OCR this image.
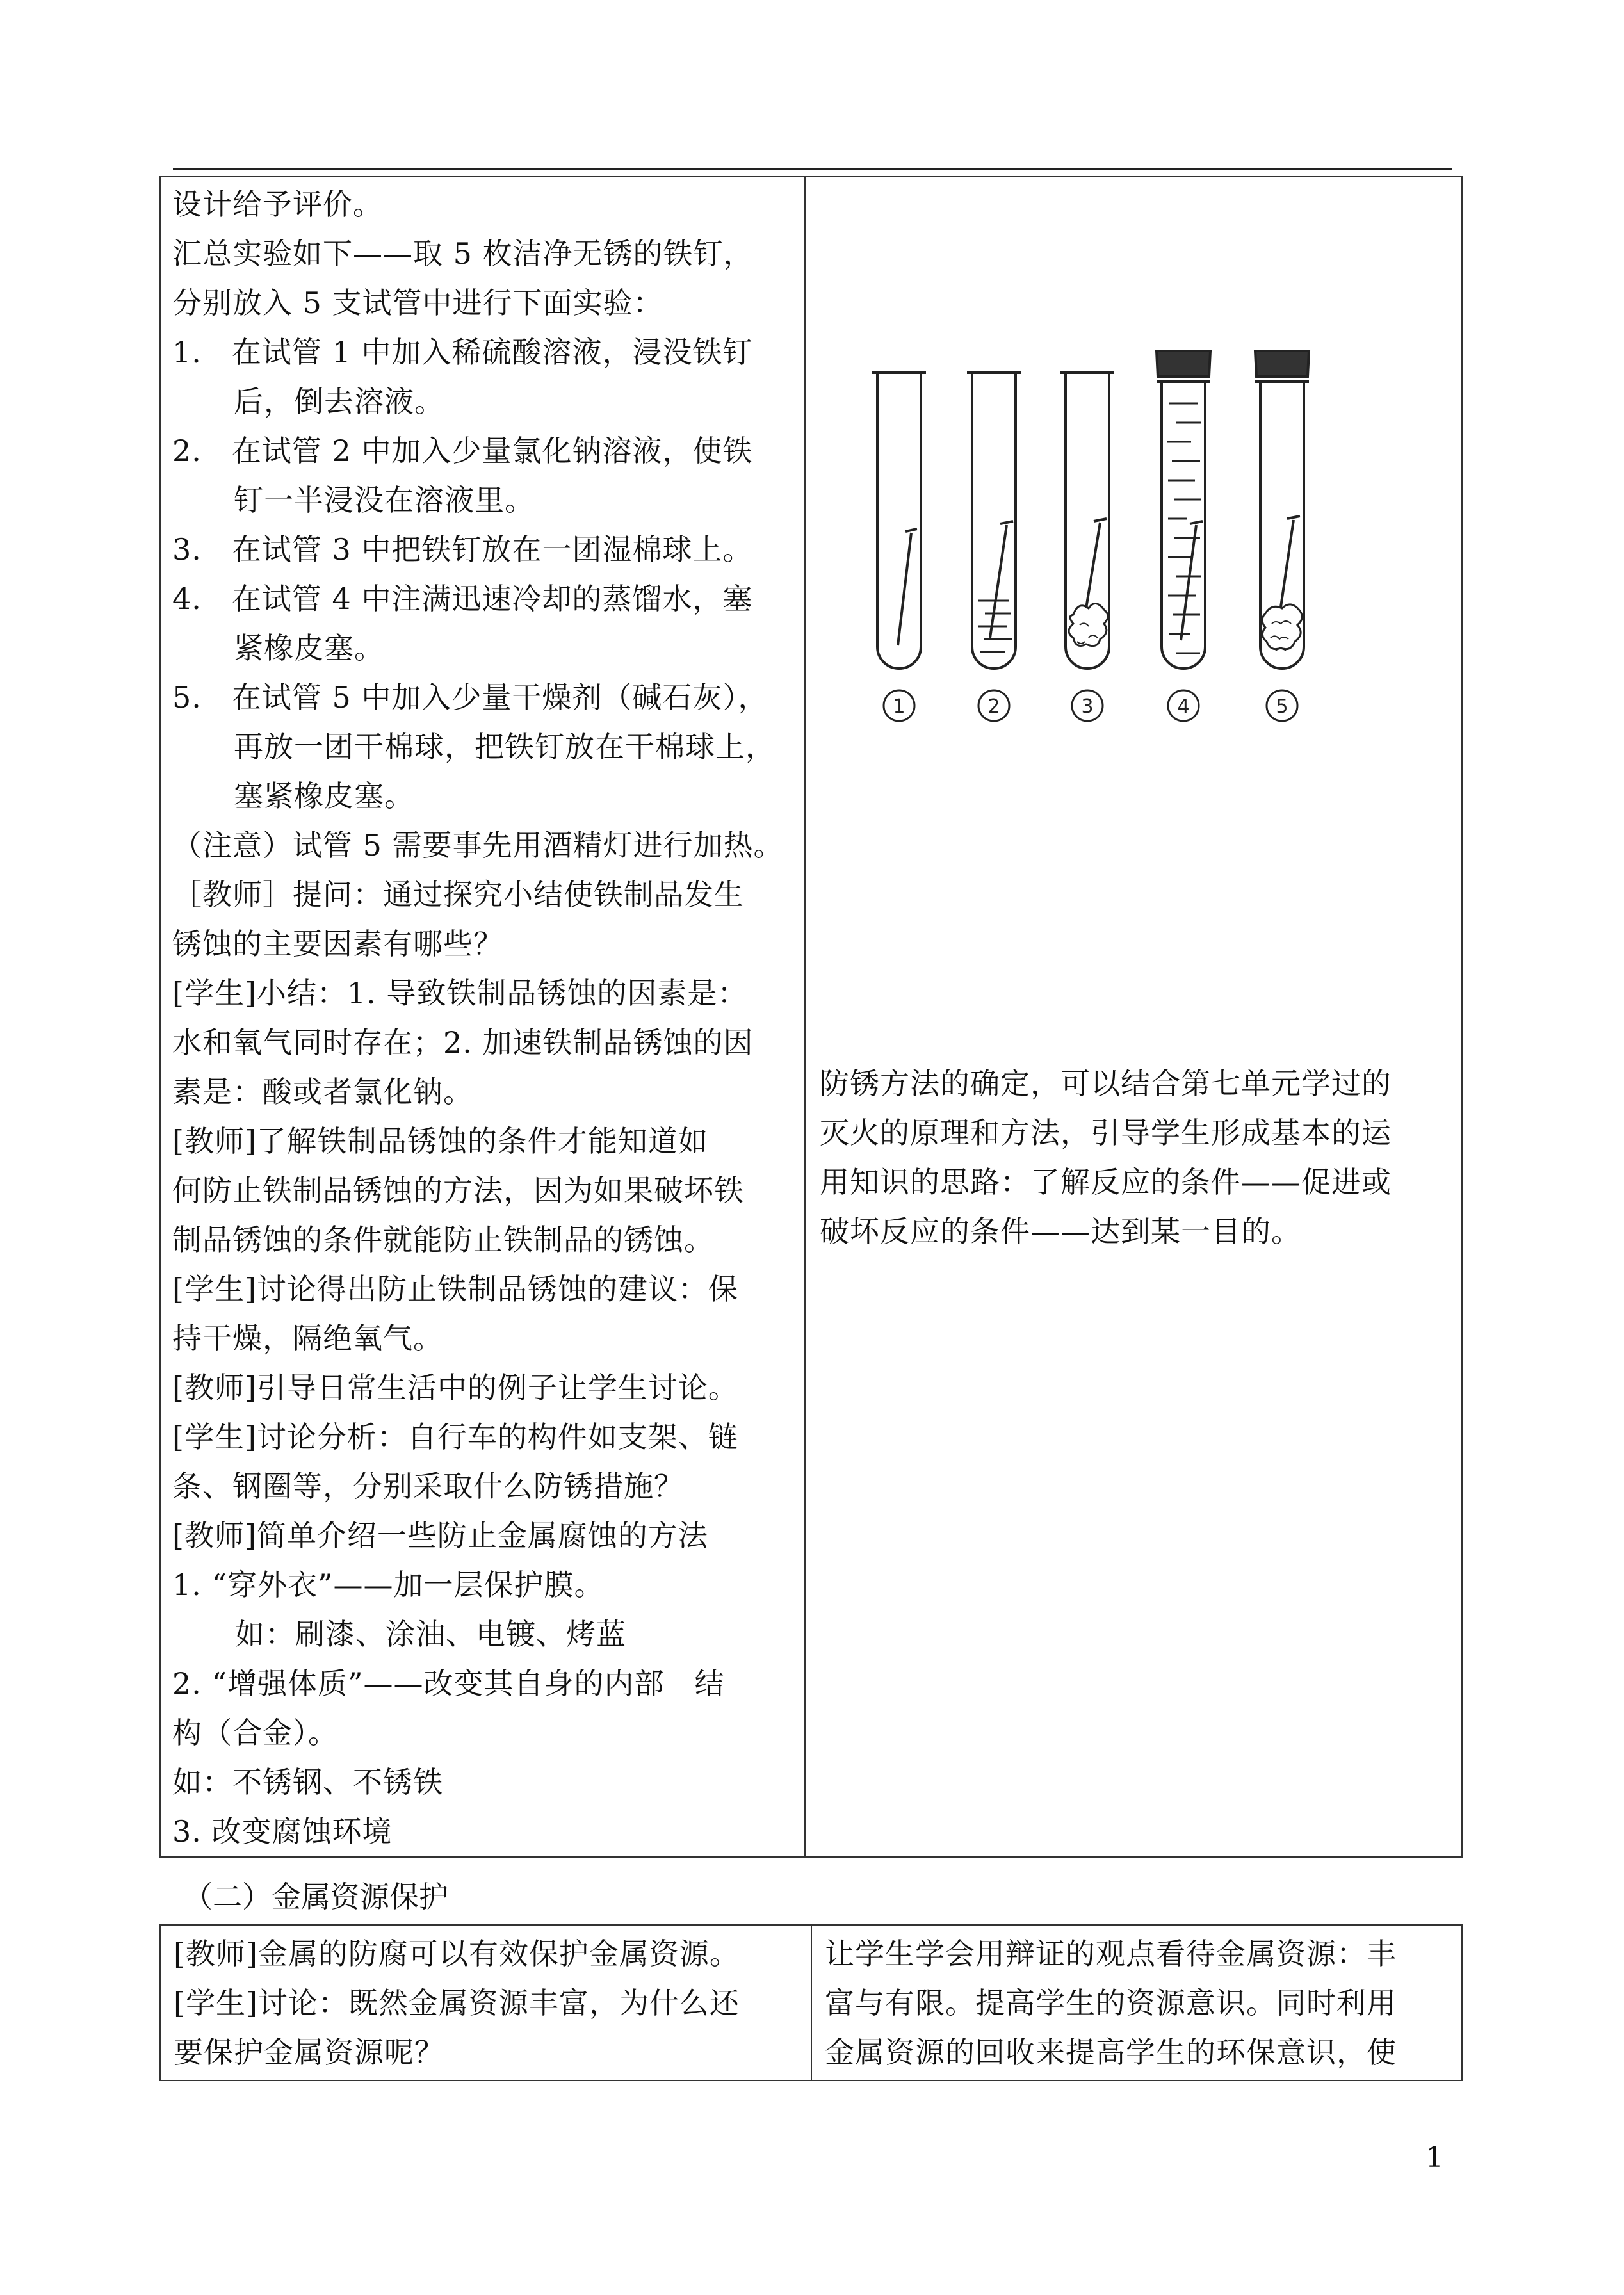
设计给予评价。
汇总实验如下——取 5 枚洁净无锈的铁钉，
分别放入 5 支试管中进行下面实验：
1.　在试管 1 中加入稀硫酸溶液，浸没铁钉
后，倒去溶液。
2.　在试管 2 中加入少量氯化钠溶液，使铁
钉一半浸没在溶液里。
3.　在试管 3 中把铁钉放在一团湿棉球上。
4.　在试管 4 中注满迅速冷却的蒸馏水，塞
紧橡皮塞。
5.　在试管 5 中加入少量干燥剂（碱石灰），
再放一团干棉球，把铁钉放在干棉球上，
塞紧橡皮塞。
（注意）试管 5 需要事先用酒精灯进行加热。
［教师］提问：通过探究小结使铁制品发生
锈蚀的主要因素有哪些？
[学生]小结：1. 导致铁制品锈蚀的因素是：
水和氧气同时存在；2. 加速铁制品锈蚀的因
素是：酸或者氯化钠。
[教师]了解铁制品锈蚀的条件才能知道如
何防止铁制品锈蚀的方法，因为如果破坏铁
制品锈蚀的条件就能防止铁制品的锈蚀。
[学生]讨论得出防止铁制品锈蚀的建议：保
持干燥，隔绝氧气。
[教师]引导日常生活中的例子让学生讨论。
[学生]讨论分析：自行车的构件如支架、链
条、钢圈等，分别采取什么防锈措施？
[教师]简单介绍一些防止金属腐蚀的方法
1. “穿外衣”——加一层保护膜。
如：刷漆、涂油、电镀、烤蓝
2. “增强体质”——改变其自身的内部　结
构（合金）。
如：不锈钢、不锈铁
3. 改变腐蚀环境

防锈方法的确定，可以结合第七单元学过的
灭火的原理和方法，引导学生形成基本的运
用知识的思路：了解反应的条件——促进或
破坏反应的条件——达到某一目的。
1	2	3	4	5
（二）金属资源保护
[教师]金属的防腐可以有效保护金属资源。
[学生]讨论：既然金属资源丰富，为什么还
要保护金属资源呢？

让学生学会用辩证的观点看待金属资源：丰
富与有限。提高学生的资源意识。同时利用
金属资源的回收来提高学生的环保意识，使
1
